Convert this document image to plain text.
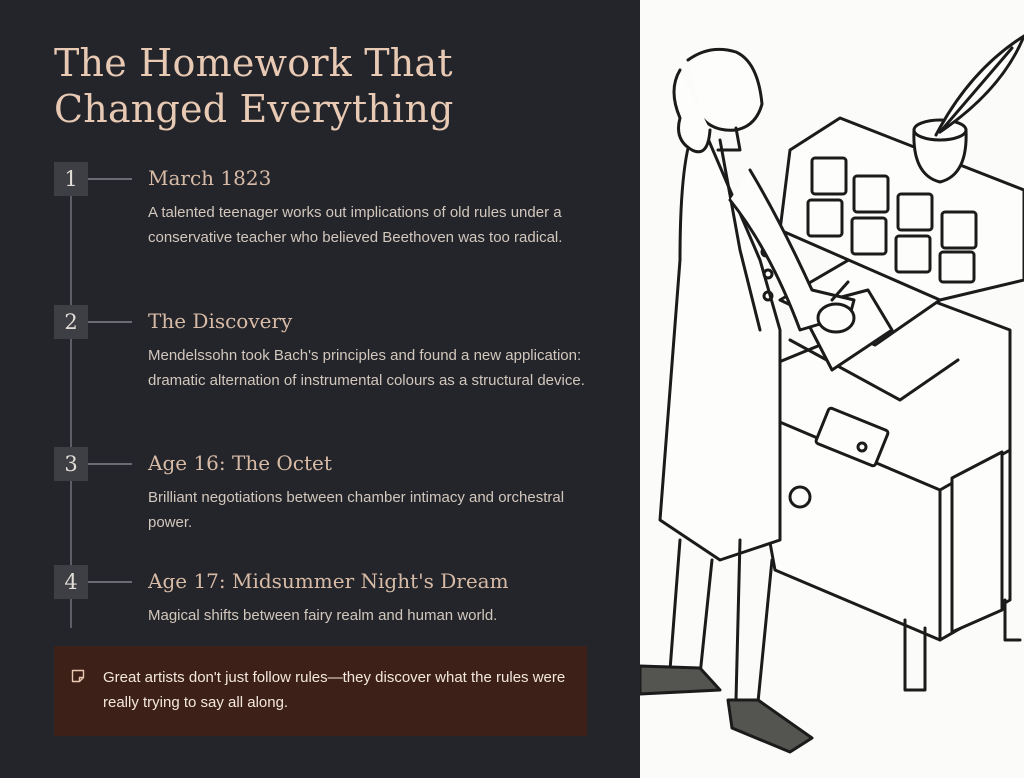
The Homework That
Changed Everything
1	March 1823

A talented teenager works out implications of old rules under a conservative teacher who believed Beethoven was too radical.

2	The Discovery

Mendelssohn took Bach's principles and found a new application: dramatic alternation of instrumental colours as a structural device.

3	Age 16: The Octet

Brilliant negotiations between chamber intimacy and orchestral power.

4	Age 17: Midsummer Night's Dream

Magical shifts between fairy realm and human world.

Great artists don't just follow rules—they discover what the rules were really trying to say all along.
